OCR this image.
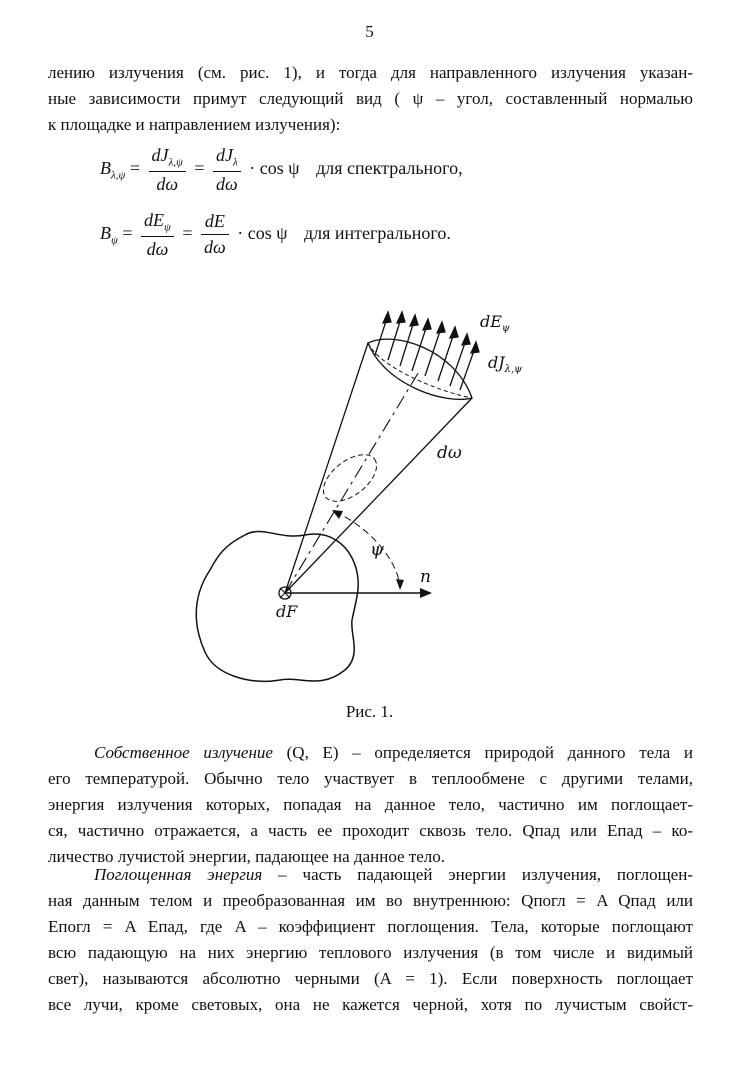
5
лению излучения (см. рис. 1), и тогда для направленного излучения указан-
ные зависимости примут следующий вид ( ψ – угол, составленный нормалью
к площадке и направлением излучения):
$B_{\lambda,\psi} = \frac{dJ_{\lambda,\psi}}{d\omega} = \frac{dJ_\lambda}{d\omega} \cdot \cos \psi$ для спектрального,
$B_\psi = \frac{dE_\psi}{d\omega} = \frac{dE}{d\omega} \cdot \cos \psi$ для интегрального.
$dE_\psi$
$dJ_{\lambda,\psi}$
dω
ψ
n
dF
Рис. 1.
Собственное излучение (Q, E) – определяется природой данного тела и
его температурой. Обычно тело участвует в теплообмене с другими телами,
энергия излучения которых, попадая на данное тело, частично им поглощает-
ся, частично отражается, а часть ее проходит сквозь тело. Qпад или Eпад – ко-
личество лучистой энергии, падающее на данное тело.
Поглощенная энергия – часть падающей энергии излучения, поглощен-
ная данным телом и преобразованная им во внутреннюю: Qпогл = A Qпад или
Eпогл = A Eпад, где A – коэффициент поглощения. Тела, которые поглощают
всю падающую на них энергию теплового излучения (в том числе и видимый
свет), называются абсолютно черными (A = 1). Если поверхность поглощает
все лучи, кроме световых, она не кажется черной, хотя по лучистым свойст-
